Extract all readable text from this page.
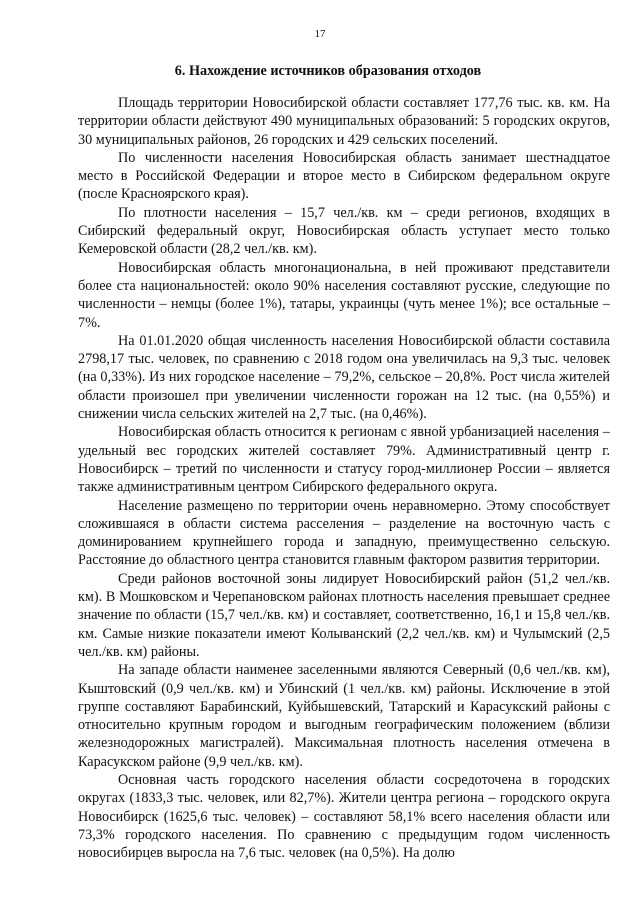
17
6. Нахождение источников образования отходов

Площадь территории Новосибирской области составляет 177,76 тыс. кв. км. На территории области действуют 490 муниципальных образований: 5 городских округов, 30 муниципальных районов, 26 городских и 429 сельских поселений.

По численности населения Новосибирская область занимает шестнадцатое место в Российской Федерации и второе место в Сибирском федеральном округе (после Красноярского края).

По плотности населения – 15,7 чел./кв. км – среди регионов, входящих в Сибирский федеральный округ, Новосибирская область уступает место только Кемеровской области (28,2 чел./кв. км).

Новосибирская область многонациональна, в ней проживают представители более ста национальностей: около 90% населения составляют русские, следующие по численности – немцы (более 1%), татары, украинцы (чуть менее 1%); все остальные – 7%.

На 01.01.2020 общая численность населения Новосибирской области составила 2798,17 тыс. человек, по сравнению с 2018 годом она увеличилась на 9,3 тыс. человек (на 0,33%). Из них городское население – 79,2%, сельское – 20,8%. Рост числа жителей области произошел при увеличении численности горожан на 12 тыс. (на 0,55%) и снижении числа сельских жителей на 2,7 тыс. (на 0,46%).

Новосибирская область относится к регионам с явной урбанизацией населения – удельный вес городских жителей составляет 79%. Административный центр г. Новосибирск – третий по численности и статусу город-миллионер России – является также административным центром Сибирского федерального округа.

Население размещено по территории очень неравномерно. Этому способствует сложившаяся в области система расселения – разделение на восточную часть с доминированием крупнейшего города и западную, преимущественно сельскую. Расстояние до областного центра становится главным фактором развития территории.

Среди районов восточной зоны лидирует Новосибирский район (51,2 чел./кв. км). В Мошковском и Черепановском районах плотность населения превышает среднее значение по области (15,7 чел./кв. км) и составляет, соответственно, 16,1 и 15,8 чел./кв. км. Самые низкие показатели имеют Колыванский (2,2 чел./кв. км) и Чулымский (2,5 чел./кв. км) районы.

На западе области наименее заселенными являются Северный (0,6 чел./кв. км), Кыштовский (0,9 чел./кв. км) и Убинский (1 чел./кв. км) районы. Исключение в этой группе составляют Барабинский, Куйбышевский, Татарский и Карасукский районы с относительно крупным городом и выгодным географическим положением (вблизи железнодорожных магистралей). Максимальная плотность населения отмечена в Карасукском районе (9,9 чел./кв. км).

Основная часть городского населения области сосредоточена в городских округах (1833,3 тыс. человек, или 82,7%). Жители центра региона – городского округа Новосибирск (1625,6 тыс. человек) – составляют 58,1% всего населения области или 73,3% городского населения. По сравнению с предыдущим годом численность новосибирцев выросла на 7,6 тыс. человек (на 0,5%). На долю
